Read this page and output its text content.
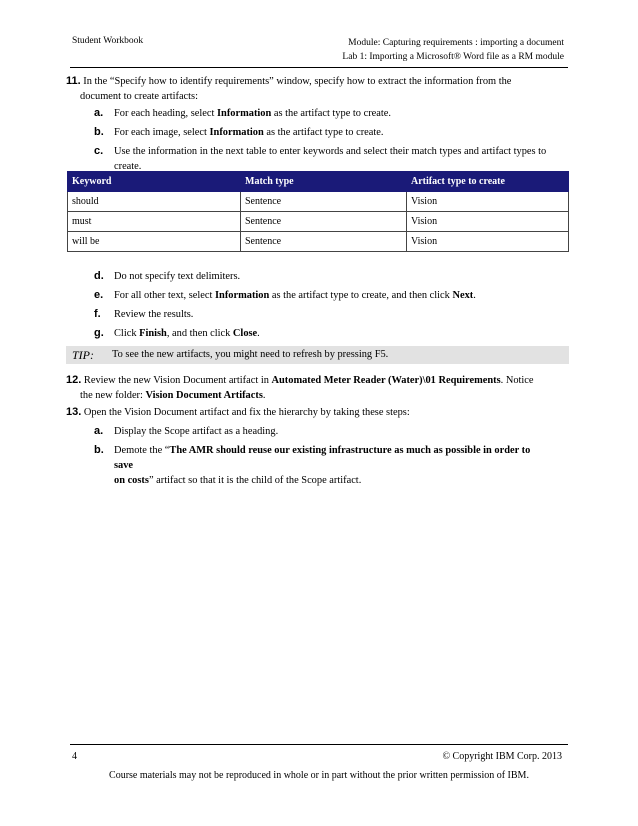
Student Workbook	Module: Capturing requirements : importing a document
Lab 1: Importing a Microsoft® Word file as a RM module
11. In the “Specify how to identify requirements” window, specify how to extract the information from the
document to create artifacts:
a.	For each heading, select Information as the artifact type to create.
b. For each image, select Information as the artifact type to create.
c.	Use the information in the next table to enter keywords and select their match types and artifact types to
create.
Keyword	Match type	Artifact type to create
should	Sentence	Vision
must	Sentence	Vision
will be	Sentence	Vision
d. Do not specify text delimiters.
e.	For all other text, select Information as the artifact type to create, and then click Next.
f.	Review the results.
g. Click Finish, and then click Close.
TIP: To see the new artifacts, you might need to refresh by pressing F5.
12. Review the new Vision Document artifact in Automated Meter Reader (Water)\01 Requirements. Notice
the new folder: Vision Document Artifacts.
13. Open the Vision Document artifact and fix the hierarchy by taking these steps:
a.	Display the Scope artifact as a heading.
b. Demote the “The AMR should reuse our existing infrastructure as much as possible in order to save
on costs” artifact so that it is the child of the Scope artifact.
4	© Copyright IBM Corp. 2013
Course materials may not be reproduced in whole or in part without the prior written permission of IBM.
